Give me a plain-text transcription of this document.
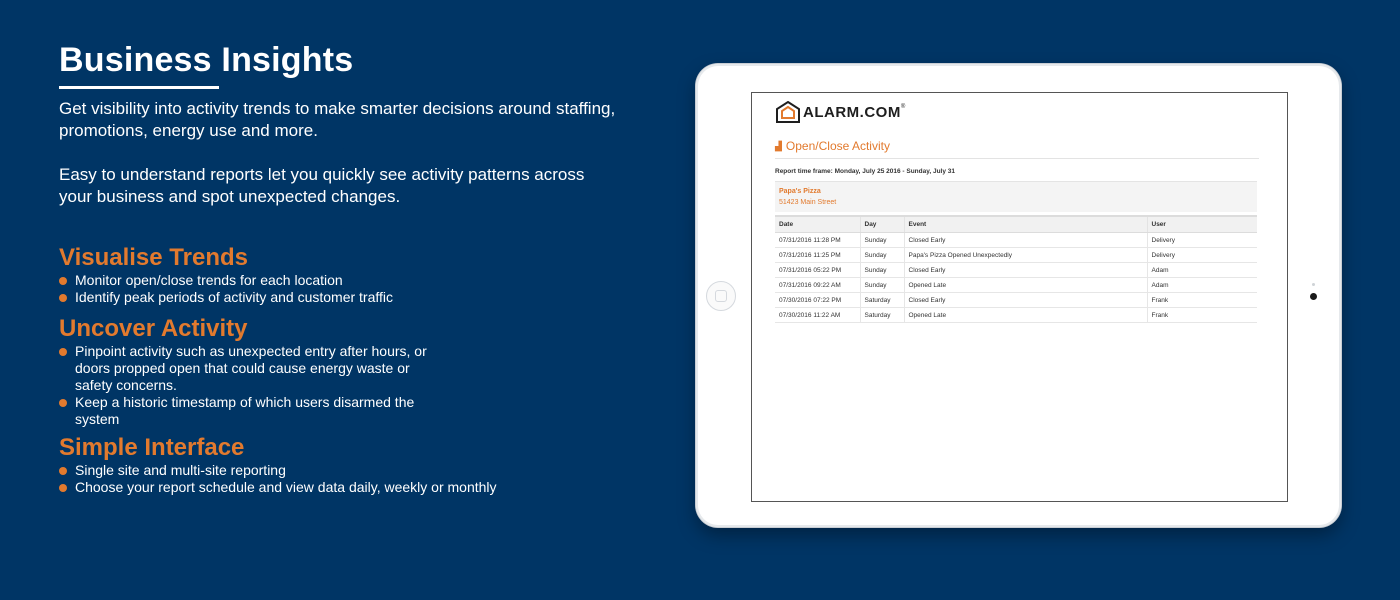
Business Insights

Get visibility into activity trends to make smarter decisions around staffing, promotions, energy use and more.

Easy to understand reports let you quickly see activity patterns across your business and spot unexpected changes.

Visualise Trends
Monitor open/close trends for each location
Identify peak periods of activity and customer traffic
Uncover Activity
Pinpoint activity such as unexpected entry after hours, or doors propped open that could cause energy waste or safety concerns.
Keep a historic timestamp of which users disarmed the system
Simple Interface
Single site and multi-site reporting
Choose your report schedule and view data daily, weekly or monthly
ALARM.COM ®
▟ Open/Close Activity
Report time frame: Monday, July 25 2016 - Sunday, July 31
Papa's Pizza
51423 Main Street
Date	Day	Event	User
07/31/2016 11:28 PM	Sunday	Closed Early	Delivery
07/31/2016 11:25 PM	Sunday	Papa's Pizza Opened Unexpectedly	Delivery
07/31/2016 05:22 PM	Sunday	Closed Early	Adam
07/31/2016 09:22 AM	Sunday	Opened Late	Adam
07/30/2016 07:22 PM	Saturday	Closed Early	Frank
07/30/2016 11:22 AM	Saturday	Opened Late	Frank
